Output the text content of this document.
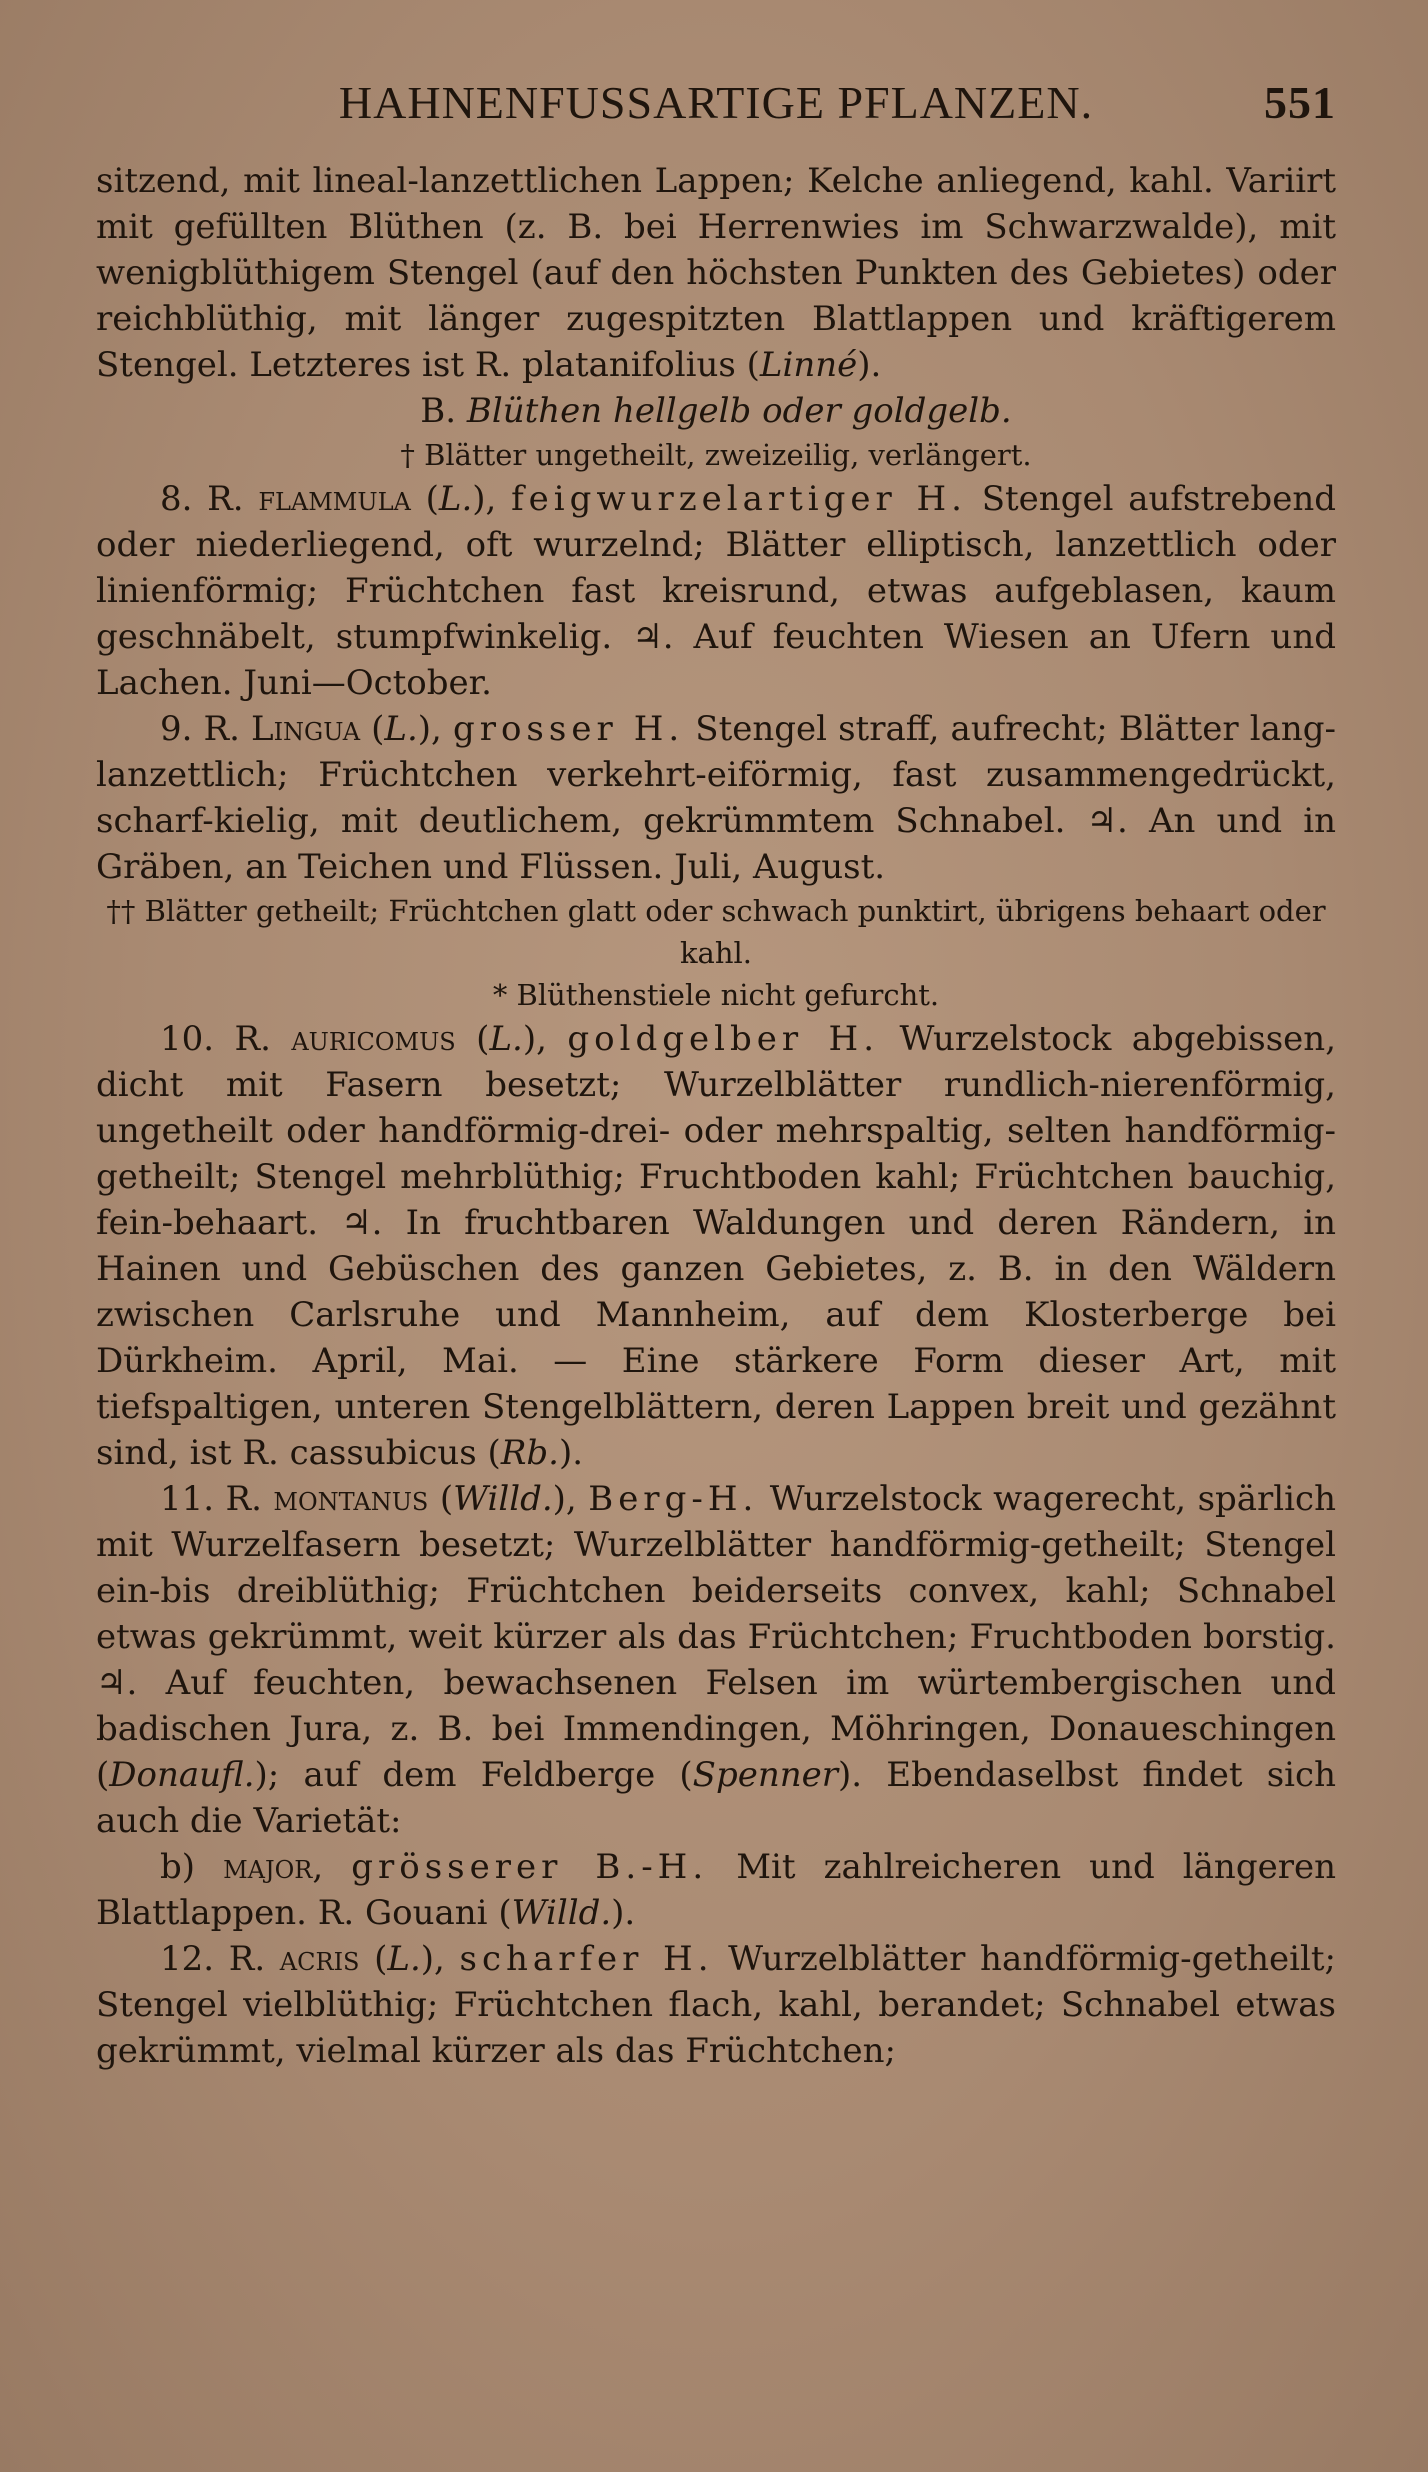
HAHNENFUSSARTIGE PFLANZEN.	551

sitzend, mit lineal-lanzettlichen Lappen; Kelche anliegend, kahl. Variirt mit gefüllten Blüthen (z. B. bei Herrenwies im Schwarzwalde), mit wenigblüthigem Stengel (auf den höchsten Punkten des Gebietes) oder reichblüthig, mit länger zugespitzten Blattlappen und kräftigerem Stengel. Letzteres ist R. platanifolius (Linné).

B. Blüthen hellgelb oder goldgelb.

† Blätter ungetheilt, zweizeilig, verlängert.

8. R. flammula (L.), feigwurzelartiger H. Stengel aufstrebend oder niederliegend, oft wurzelnd; Blätter elliptisch, lanzettlich oder linienförmig; Früchtchen fast kreisrund, etwas aufgeblasen, kaum geschnäbelt, stumpfwinkelig. ♃. Auf feuchten Wiesen an Ufern und Lachen. Juni—October.

9. R. Lingua (L.), grosser H. Stengel straff, aufrecht; Blätter lang-lanzettlich; Früchtchen verkehrt-eiförmig, fast zusammengedrückt, scharf-kielig, mit deutlichem, gekrümmtem Schnabel. ♃. An und in Gräben, an Teichen und Flüssen. Juli, August.

†† Blätter getheilt; Früchtchen glatt oder schwach punktirt, übrigens behaart oder kahl.

* Blüthenstiele nicht gefurcht.

10. R. auricomus (L.), goldgelber H. Wurzelstock abgebissen, dicht mit Fasern besetzt; Wurzelblätter rundlich-nierenförmig, ungetheilt oder handförmig-drei- oder mehrspaltig, selten handförmig-getheilt; Stengel mehrblüthig; Fruchtboden kahl; Früchtchen bauchig, fein-behaart. ♃. In fruchtbaren Waldungen und deren Rändern, in Hainen und Gebüschen des ganzen Gebietes, z. B. in den Wäldern zwischen Carlsruhe und Mannheim, auf dem Klosterberge bei Dürkheim. April, Mai. — Eine stärkere Form dieser Art, mit tiefspaltigen, unteren Stengelblättern, deren Lappen breit und gezähnt sind, ist R. cassubicus (Rb.).

11. R. montanus (Willd.), Berg-H. Wurzelstock wagerecht, spärlich mit Wurzelfasern besetzt; Wurzelblätter handförmig-getheilt; Stengel ein-bis dreiblüthig; Früchtchen beiderseits convex, kahl; Schnabel etwas gekrümmt, weit kürzer als das Früchtchen; Fruchtboden borstig. ♃. Auf feuchten, bewachsenen Felsen im würtembergischen und badischen Jura, z. B. bei Immendingen, Möhringen, Donaueschingen (Donaufl.); auf dem Feldberge (Spenner). Ebendaselbst findet sich auch die Varietät:

b) major, grösserer B.-H. Mit zahlreicheren und längeren Blattlappen. R. Gouani (Willd.).

12. R. acris (L.), scharfer H. Wurzelblätter handförmig-getheilt; Stengel vielblüthig; Früchtchen flach, kahl, berandet; Schnabel etwas gekrümmt, vielmal kürzer als das Früchtchen;
